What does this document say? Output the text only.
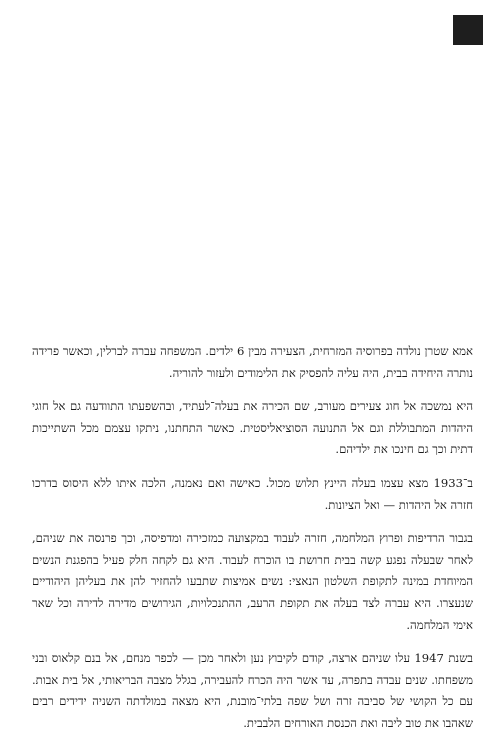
אמא שטרן נולדה בפרוסיה המזרחית, הצעירה מבין 6 ילדים. המשפחה עברה לברלין, וכאשר פרידה נותרה היחידה בבית, היה עליה להפסיק את הלימודים ולעזור להוריה.

היא נמשכה אל חוג צעירים מעורב, שם הכירה את בעלה־לעתיד, ובהשפעתו התוודעה גם אל חוגי היהדות המתבוללת וגם אל התנועה הסוציאליסטית. כאשר התחתנו, ניתקו עצמם מכל השתייכות דתית וכך גם חינכו את ילדיהם.

ב־1933 מצא עצמו בעלה היינץ תלוש מכול. כאישה ואם נאמנה, הלכה איתו ללא היסוס בדרכו חזרה אל היהדות — ואל הציונות.

בגבור הרדיפות ופרוץ המלחמה, חזרה לעבוד במקצועה כמזכירה ומדפיסה, וכך פרנסה את שניהם, לאחר שבעלה נפגע קשה בבית חרושת בו הוכרח לעבוד. היא גם לקחה חלק פעיל בהפגנת הנשים המיוחדת במינה לתקופת השלטון הנאצי: נשים אמיצות שתבעו להחזיר להן את בעליהן היהודיים שנעצרו. היא עברה לצד בעלה את תקופת הרעב, ההתנכלויות, הגירושים מדירה לדירה וכל שאר אימי המלחמה.

בשנת 1947 עלו שניהם ארצה, קודם לקיבוץ נען ולאחר מכן — לכפר מנחם, אל בנם קלאוס ובני משפחתו. שנים עבדה בתפרה, עד אשר היה הכרח להעבירה, בגלל מצבה הבריאותי, אל בית אבות. עם כל הקושי של סביבה זרה ושל שפה בלתי־מובנת, היא מצאה במולדתה השניה ידידים רבים שאהבו את טוב ליבה ואת הכנסת האורחים הלבבית.
